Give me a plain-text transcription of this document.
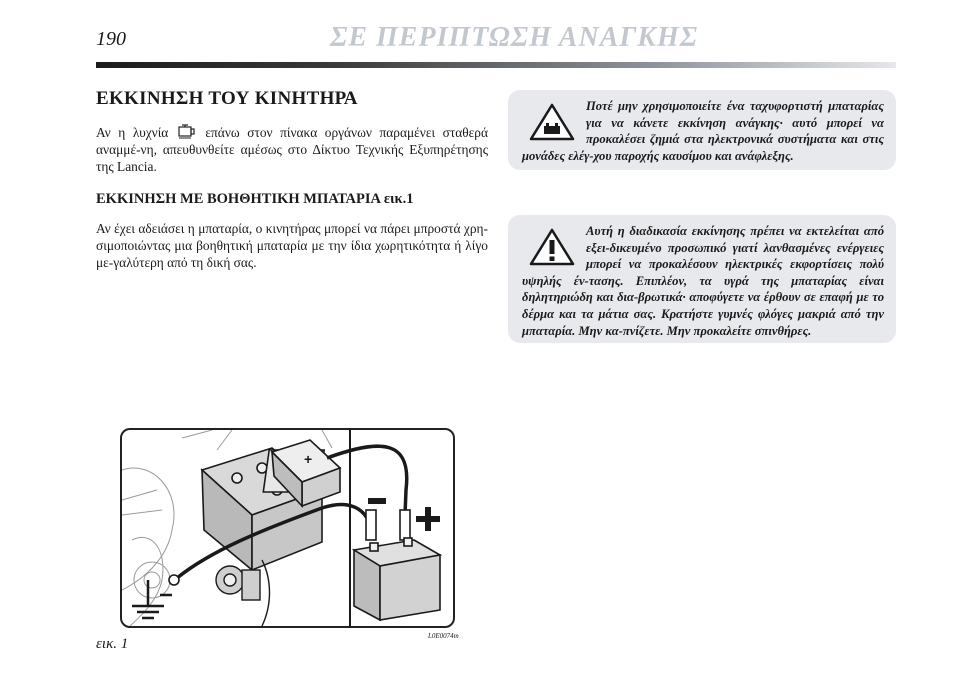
190	ΣΕ ΠΕΡΙΠΤΩΣΗ ΑΝΑΓΚΗΣ
ΕΚΚΙΝΗΣΗ ΤΟΥ ΚΙΝΗΤΗΡΑ

Αν η λυχνία	επάνω στον πίνακα οργάνων παραμένει σταθερά αναμμέ-νη, απευθυνθείτε αμέσως στο Δίκτυο Τεχνικής Εξυπηρέτησης της Lancia.

ΕΚΚΙΝΗΣΗ ΜΕ ΒΟΗΘΗΤΙΚΗ ΜΠΑΤΑΡΙΑ εικ.1

Αν έχει αδειάσει η μπαταρία, ο κινητήρας μπορεί να πάρει μπροστά χρη-σιμοποιώντας μια βοηθητική μπαταρία με την ίδια χωρητικότητα ή λίγο με-γαλύτερη από τη δική σας.

Ποτέ μην χρησιμοποιείτε ένα ταχυφορτιστή μπαταρίας για να κάνετε εκκίνηση ανάγκης· αυτό μπορεί να προκαλέσει ζημιά στα ηλεκτρονικά συστήματα και στις μονάδες ελέγ-χου παροχής καυσίμου και ανάφλεξης.
Αυτή η διαδικασία εκκίνησης πρέπει να εκτελείται από εξει-δικευμένο προσωπικό γιατί λανθασμένες ενέργειες μπορεί να προκαλέσουν ηλεκτρικές εκφορτίσεις πολύ υψηλής έν-τασης. Επιπλέον, τα υγρά της μπαταρίας είναι δηλητηριώδη και δια-βρωτικά· αποφύγετε να έρθουν σε επαφή με το δέρμα και τα μάτια σας. Κρατήστε γυμνές φλόγες μακριά από την μπαταρία. Μην κα-πνίζετε. Μην προκαλείτε σπινθήρες.
+
εικ. 1	L0E0074m
